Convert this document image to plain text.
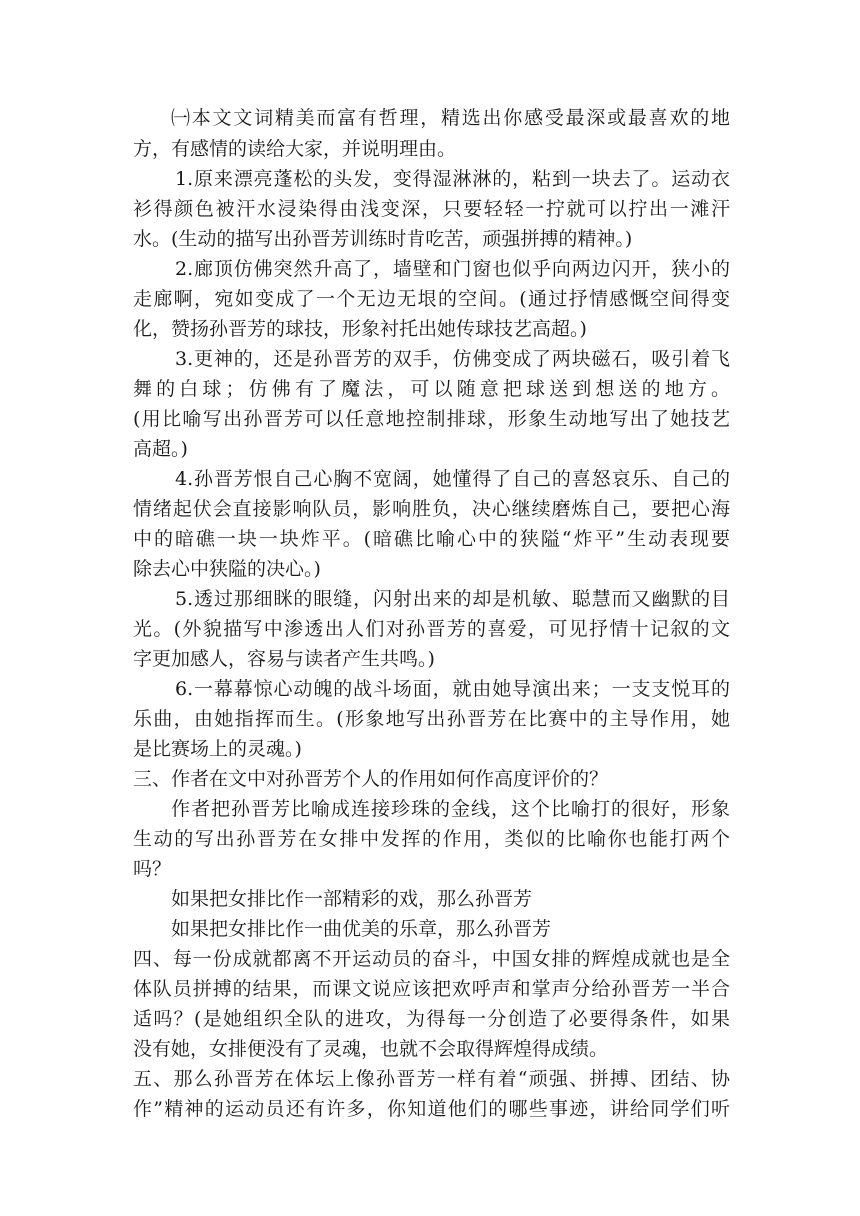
㈠本文文词精美而富有哲理，精选出你感受最深或最喜欢的地
方，有感情的读给大家，并说明理由。
1.原来漂亮蓬松的头发，变得湿淋淋的，粘到一块去了。运动衣
衫得颜色被汗水浸染得由浅变深，只要轻轻一拧就可以拧出一滩汗
水。(生动的描写出孙晋芳训练时肯吃苦，顽强拼搏的精神。)
2.廊顶仿佛突然升高了，墙壁和门窗也似乎向两边闪开，狭小的
走廊啊，宛如变成了一个无边无垠的空间。(通过抒情感慨空间得变
化，赞扬孙晋芳的球技，形象衬托出她传球技艺高超。)
3.更神的，还是孙晋芳的双手，仿佛变成了两块磁石，吸引着飞
舞的白球；仿佛有了魔法，可以随意把球送到想送的地方。
(用比喻写出孙晋芳可以任意地控制排球，形象生动地写出了她技艺
高超。)
4.孙晋芳恨自己心胸不宽阔，她懂得了自己的喜怒哀乐、自己的
情绪起伏会直接影响队员，影响胜负，决心继续磨炼自己，要把心海
中的暗礁一块一块炸平。(暗礁比喻心中的狭隘“炸平”生动表现要
除去心中狭隘的决心。)
5.透过那细眯的眼缝，闪射出来的却是机敏、聪慧而又幽默的目
光。(外貌描写中渗透出人们对孙晋芳的喜爱，可见抒情十记叙的文
字更加感人，容易与读者产生共鸣。)
6.一幕幕惊心动魄的战斗场面，就由她导演出来；一支支悦耳的
乐曲，由她指挥而生。(形象地写出孙晋芳在比赛中的主导作用，她
是比赛场上的灵魂。)
三、作者在文中对孙晋芳个人的作用如何作高度评价的？
作者把孙晋芳比喻成连接珍珠的金线，这个比喻打的很好，形象
生动的写出孙晋芳在女排中发挥的作用，类似的比喻你也能打两个
吗？
如果把女排比作一部精彩的戏，那么孙晋芳
如果把女排比作一曲优美的乐章，那么孙晋芳
四、每一份成就都离不开运动员的奋斗，中国女排的辉煌成就也是全
体队员拼搏的结果，而课文说应该把欢呼声和掌声分给孙晋芳一半合
适吗？(是她组织全队的进攻，为得每一分创造了必要得条件，如果
没有她，女排便没有了灵魂，也就不会取得辉煌得成绩。
五、那么孙晋芳在体坛上像孙晋芳一样有着“顽强、拼搏、团结、协
作”精神的运动员还有许多，你知道他们的哪些事迹，讲给同学们听
